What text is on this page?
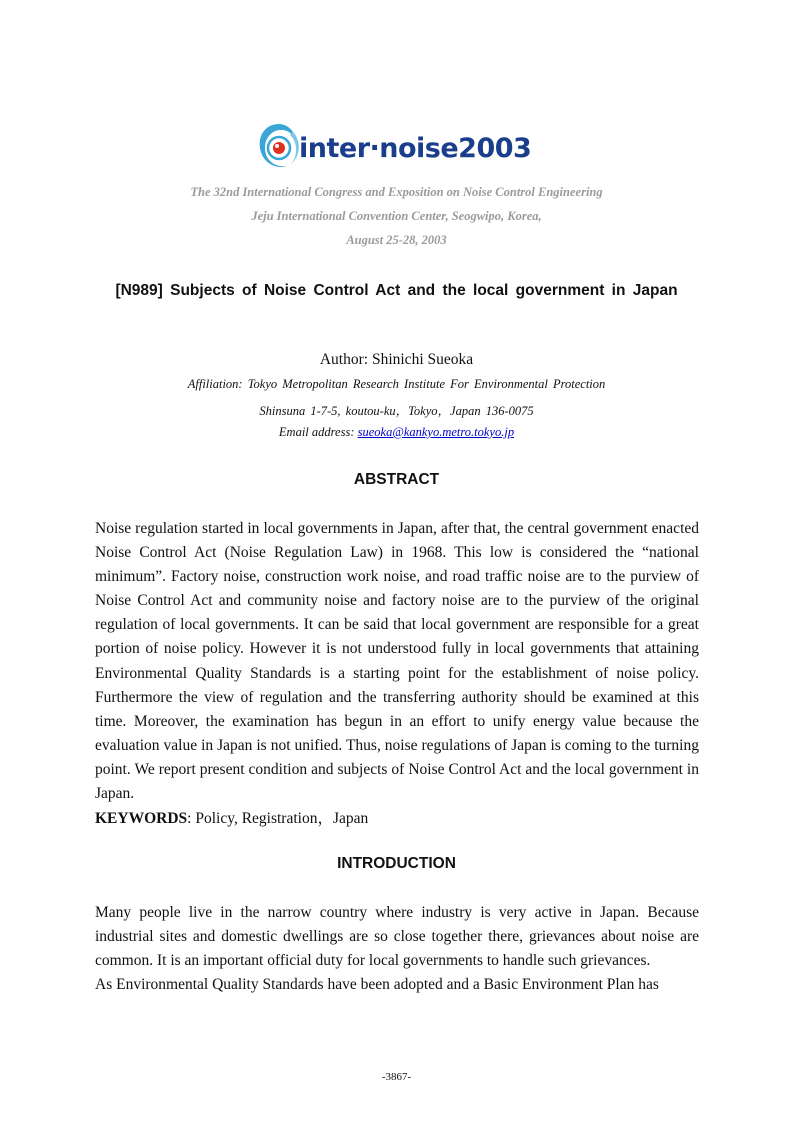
inter·noise2003
The 32nd International Congress and Exposition on Noise Control Engineering
Jeju International Convention Center, Seogwipo, Korea,
August 25-28, 2003
[N989] Subjects of Noise Control Act and the local government in Japan
Author: Shinichi Sueoka
Affiliation: Tokyo Metropolitan Research Institute For Environmental Protection
Shinsuna 1-7-5, koutou-ku，Tokyo，Japan 136-0075
Email address: sueoka@kankyo.metro.tokyo.jp
ABSTRACT

Noise regulation started in local governments in Japan, after that, the central government enacted Noise Control Act (Noise Regulation Law) in 1968. This low is considered the “national minimum”. Factory noise, construction work noise, and road traffic noise are to the purview of Noise Control Act and community noise and factory noise are to the purview of the original regulation of local governments. It can be said that local government are responsible for a great portion of noise policy. However it is not understood fully in local governments that attaining Environmental Quality Standards is a starting point for the establishment of noise policy. Furthermore the view of regulation and the transferring authority should be examined at this time. Moreover, the examination has begun in an effort to unify energy value because the evaluation value in Japan is not unified. Thus, noise regulations of Japan is coming to the turning point. We report present condition and subjects of Noise Control Act and the local government in Japan.

KEYWORDS: Policy, Registration，Japan
INTRODUCTION
Many people live in the narrow country where industry is very active in Japan. Because industrial sites and domestic dwellings are so close together there, grievances about noise are common. It is an important official duty for local governments to handle such grievances.
As Environmental Quality Standards have been adopted and a Basic Environment Plan has
-3867-
